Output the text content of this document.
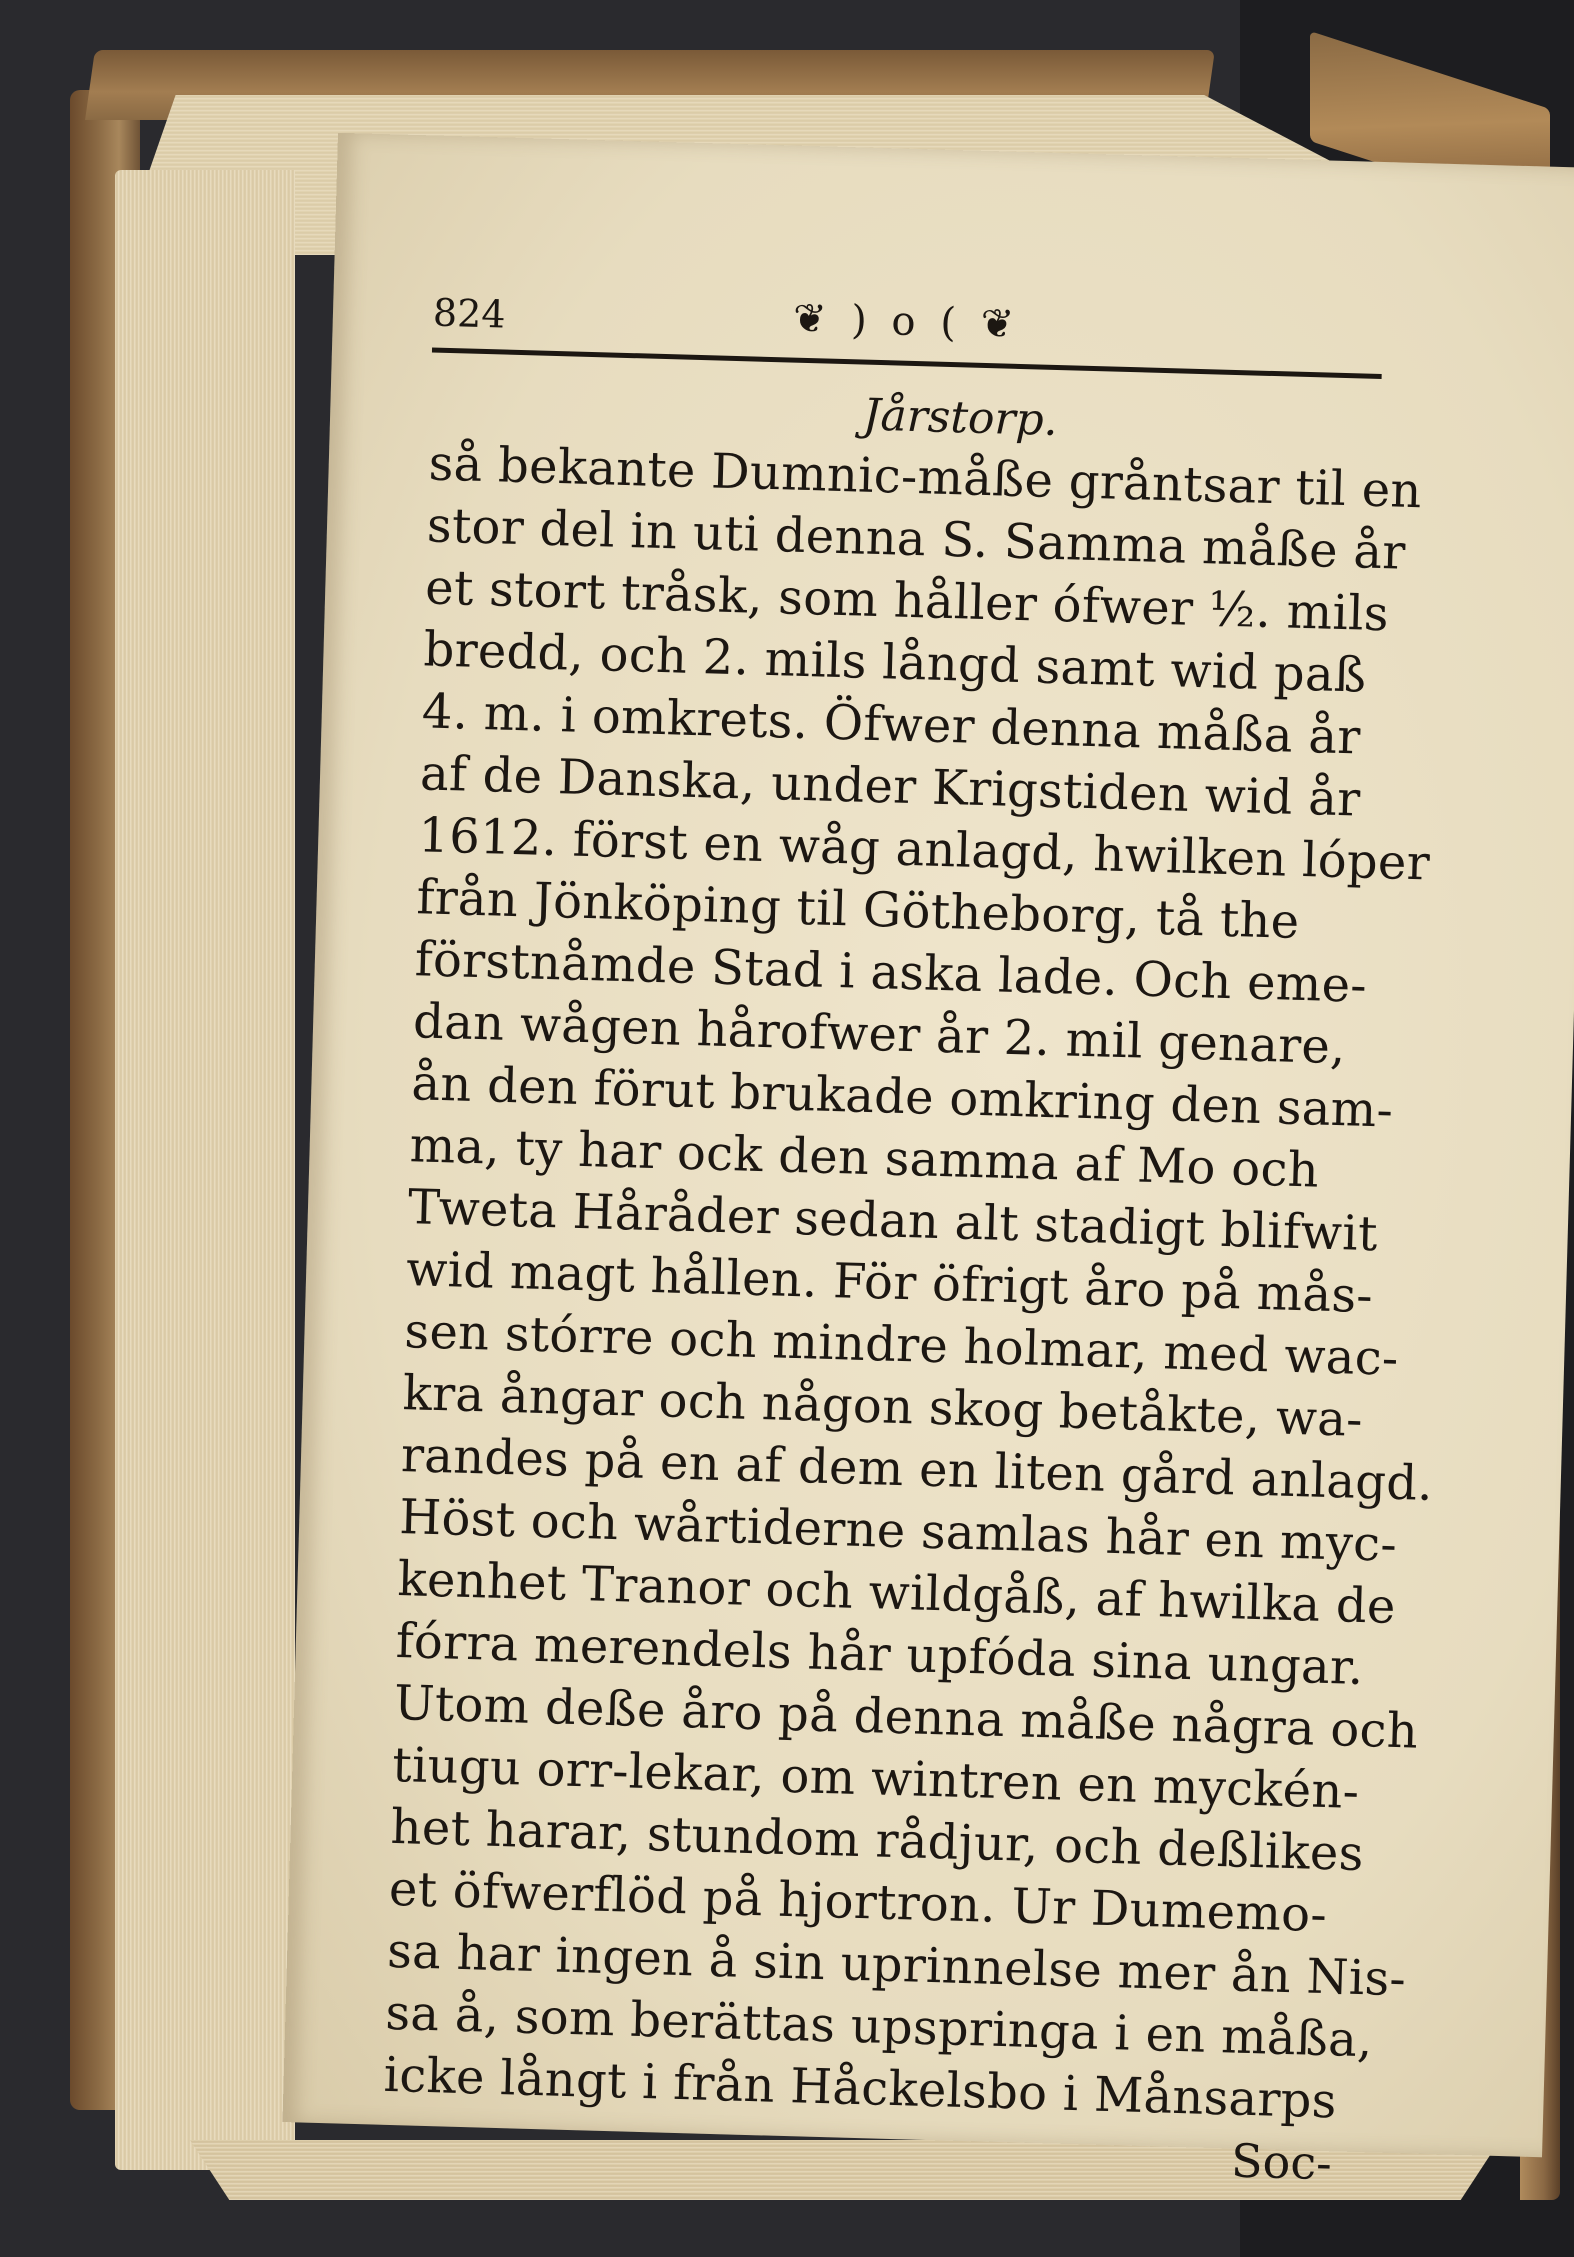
824	❦ ) o ( ❦
Jårstorp.
så bekante Dumnic-måße gråntsar til en
stor del in uti denna S. Samma måße år
et stort tråsk, som håller ófwer ½. mils
bredd, och 2. mils långd samt wid paß
4. m. i omkrets. Öfwer denna måßa år
af de Danska, under Krigstiden wid år
1612. först en wåg anlagd, hwilken lóper
från Jönköping til Götheborg, tå the
förstnåmde Stad i aska lade. Och eme-
dan wågen hårofwer år 2. mil genare,
ån den förut brukade omkring den sam-
ma, ty har ock den samma af Mo och
Tweta Håråder sedan alt stadigt blifwit
wid magt hållen. För öfrigt åro på mås-
sen stórre och mindre holmar, med wac-
kra ångar och någon skog betåkte, wa-
randes på en af dem en liten gård anlagd.
Höst och wårtiderne samlas hår en myc-
kenhet Tranor och wildgåß, af hwilka de
fórra merendels hår upfóda sina ungar.
Utom deße åro på denna måße några och
tiugu orr-lekar, om wintren en myckén-
het harar, stundom rådjur, och deßlikes
et öfwerflöd på hjortron. Ur Dumemo-
sa har ingen å sin uprinnelse mer ån Nis-
sa å, som berättas upspringa i en måßa,
icke långt i från Håckelsbo i Månsarps
Soc-
